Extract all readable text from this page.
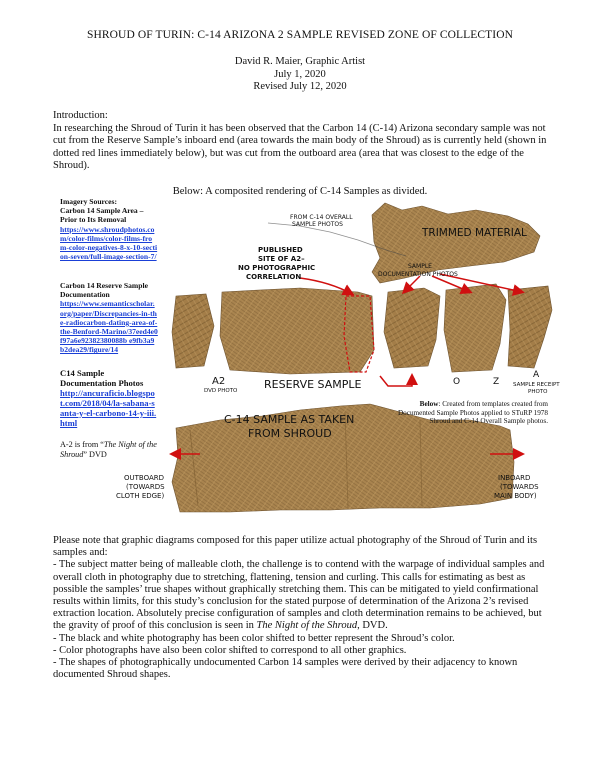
SHROUD OF TURIN: C-14 ARIZONA 2 SAMPLE REVISED ZONE OF COLLECTION
David R. Maier, Graphic Artist
July 1, 2020
Revised July 12, 2020

Introduction:

In researching the Shroud of Turin it has been observed that the Carbon 14 (C-14) Arizona secondary sample was not cut from the Reserve Sample’s inboard end (area towards the main body of the Shroud) as is currently held (shown in dotted red lines immediately below), but was cut from the outboard area (area that was closest to the edge of the Shroud).

Below: A composited rendering of C-14 Samples as divided.
Imagery Sources:
Carbon 14 Sample Area – Prior to Its Removal
https://www.shroudphotos.com/color-films/color-films-from-color-negatives-8-x-10-section-seven/full-image-section-7/
Carbon 14 Reserve Sample Documentation
https://www.semanticscholar.org/paper/Discrepancies-in-the-radiocarbon-dating-area-of-the-Benford-Marino/37eed4e0f97a6e92382380088b e9fb3a9b2dea29/figure/14
C14 Sample Documentation Photos
http://ancuraficio.blogspot.com/2018/04/la-sabana-santa-y-el-carbono-14-y-iii.html
A-2 is from “The Night of the Shroud” DVD
FROM C-14 OVERALL
SAMPLE PHOTOS
TRIMMED MATERIAL
PUBLISHED
SITE OF A2–
NO PHOTOGRAPHIC
CORRELATION
SAMPLE
DOCUMENTATION PHOTOS
RESERVE SAMPLE
A2
DVD PHOTO
O	Z
A
SAMPLE RECEIPT
PHOTO
C-14 SAMPLE AS TAKEN
FROM SHROUD
OUTBOARD
(TOWARDS
CLOTH EDGE)
INBOARD
(TOWARDS
MAIN BODY)
Below: Created from templates created from Documented Sample Photos applied to STuRP 1978 Shroud and C-14 Overall Sample photos.

Please note that graphic diagrams composed for this paper utilize actual photography of the Shroud of Turin and its samples and:

- The subject matter being of malleable cloth, the challenge is to contend with the warpage of individual samples and overall cloth in photography due to stretching, flattening, tension and curling. This calls for estimating as best as possible the samples’ true shapes without graphically stretching them. This can be mitigated to yield confirmational results within limits, for this study’s conclusion for the stated purpose of determination of the Arizona 2’s revised extraction location. Absolutely precise configuration of samples and cloth determination remains to be achieved, but the gravity of proof of this conclusion is seen in The Night of the Shroud, DVD.

- The black and white photography has been color shifted to better represent the Shroud’s color.

- Color photographs have also been color shifted to correspond to all other graphics.

- The shapes of photographically undocumented Carbon 14 samples were derived by their adjacency to known documented Shroud shapes.
